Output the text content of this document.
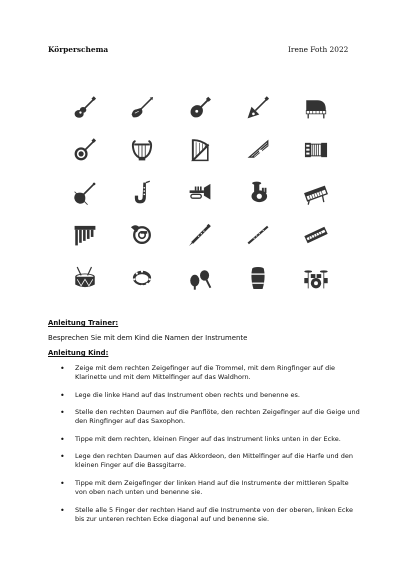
Körperschema	Irene Foth 2022
Anleitung Trainer:
Besprechen Sie mit dem Kind die Namen der Instrumente
Anleitung Kind:
• Zeige mit dem rechten Zeigefinger auf die Trommel, mit dem Ringfinger auf die Klarinette und mit dem Mittelfinger auf das Waldhorn.
• Lege die linke Hand auf das Instrument oben rechts und benenne es.
• Stelle den rechten Daumen auf die Panflöte, den rechten Zeigefinger auf die Geige und den Ringfinger auf das Saxophon.
• Tippe mit dem rechten, kleinen Finger auf das Instrument links unten in der Ecke.
• Lege den rechten Daumen auf das Akkordeon, den Mittelfinger auf die Harfe und den kleinen Finger auf die Bassgitarre.
• Tippe mit dem Zeigefinger der linken Hand auf die Instrumente der mittleren Spalte von oben nach unten und benenne sie.
• Stelle alle 5 Finger der rechten Hand auf die Instrumente von der oberen, linken Ecke bis zur unteren rechten Ecke diagonal auf und benenne sie.
